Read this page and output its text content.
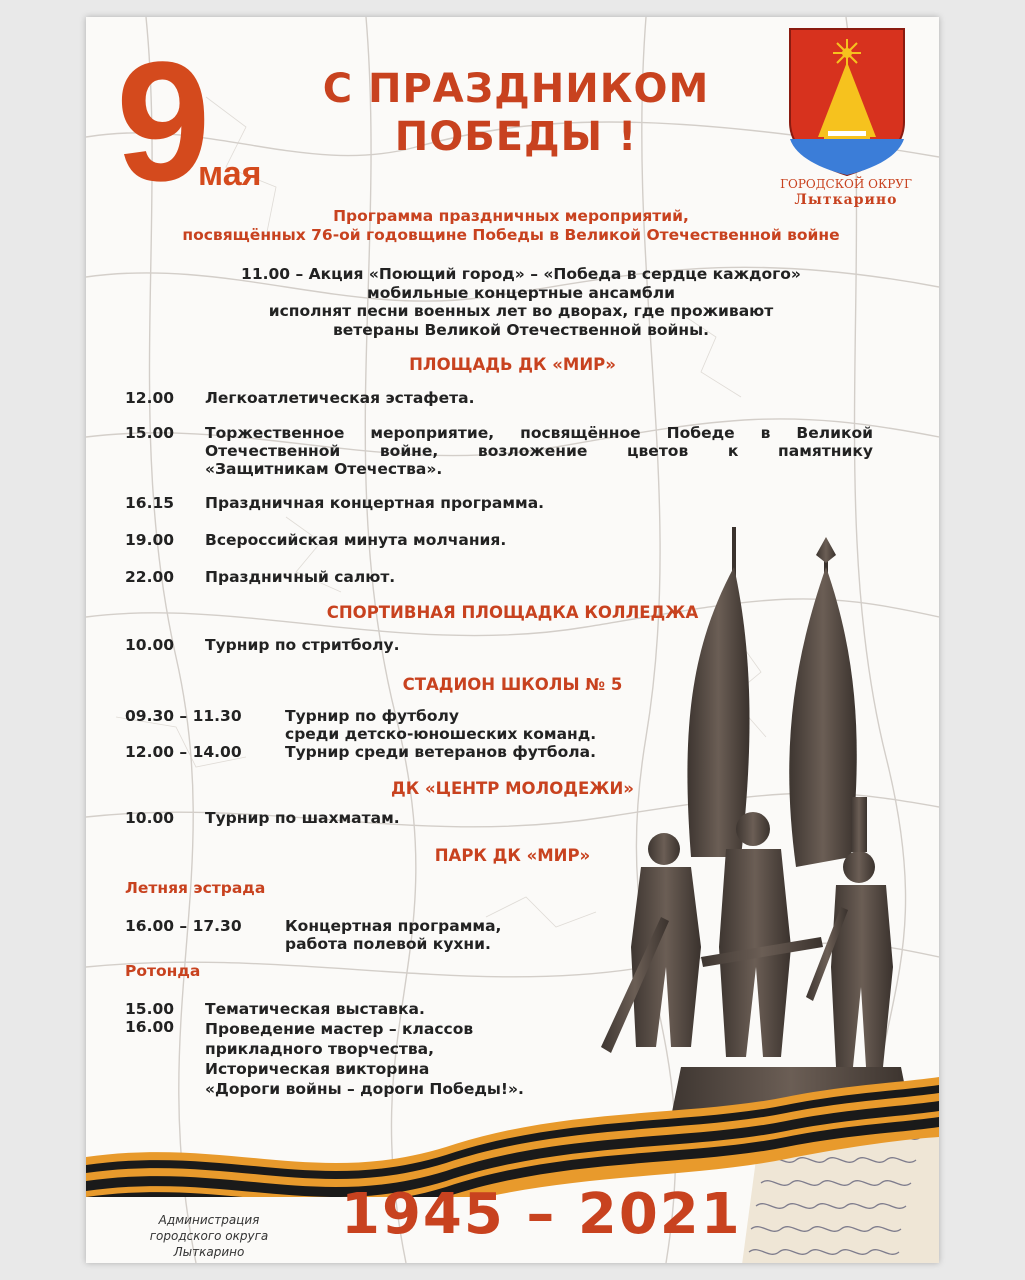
9
мая
С ПРАЗДНИКОМ
ПОБЕДЫ !
ГОРОДСКОЙ ОКРУГ
Лыткарино
Программа праздничных мероприятий,
посвящённых 76-ой годовщине Победы в Великой Отечественной войне
11.00 – Акция «Поющий город» – «Победа в сердце каждого»
мобильные концертные ансамбли
исполнят песни военных лет во дворах, где проживают
ветераны Великой Отечественной войны.
ПЛОЩАДЬ ДК «МИР»
12.00 Легкоатлетическая эстафета.
15.00 Торжественное мероприятие, посвящённое Победе в Великой
Отечественной войне, возложение цветов к памятнику
«Защитникам Отечества».
16.15 Праздничная концертная программа.
19.00 Всероссийская минута молчания.
22.00 Праздничный салют.
СПОРТИВНАЯ ПЛОЩАДКА КОЛЛЕДЖА
10.00 Турнир по стритболу.
СТАДИОН ШКОЛЫ № 5
09.30 – 11.30	Турнир по футболу
среди детско-юношеских команд.
12.00 – 14.00	Турнир среди ветеранов футбола.
ДК «ЦЕНТР МОЛОДЕЖИ»
10.00 Турнир по шахматам.
ПАРК ДК «МИР»
Летняя эстрада
16.00 – 17.30	Концертная программа,
работа полевой кухни.
Ротонда
15.00 Тематическая выставка.
16.00 Проведение мастер – классов
прикладного творчества,
Историческая викторина
«Дороги войны – дороги Победы!».
Администрация
городского округа Лыткарино
1945 – 2021
